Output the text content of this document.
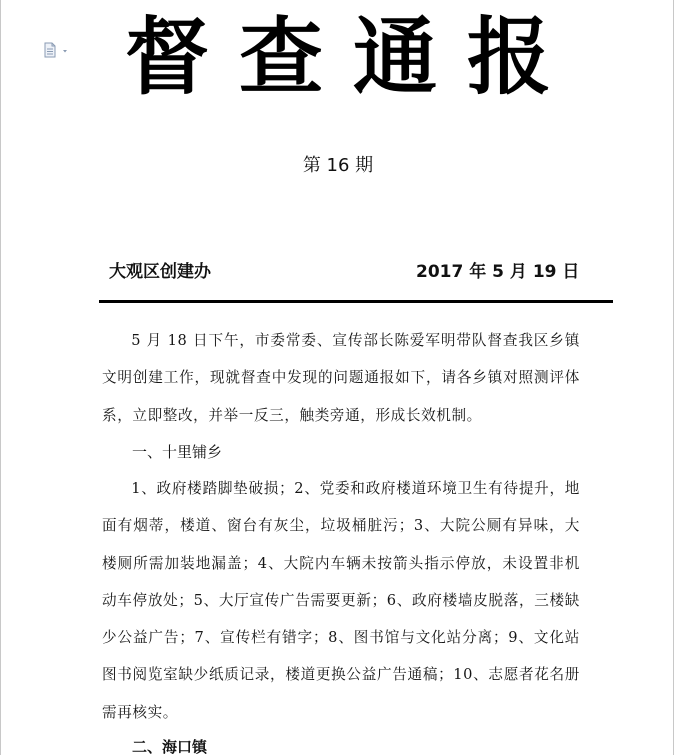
督查通报
第 16 期
大观区创建办	2017 年 5 月 19 日

5 月 18 日下午，市委常委、宣传部长陈爱军明带队督查我区乡镇文明创建工作，现就督查中发现的问题通报如下，请各乡镇对照测评体系，立即整改，并举一反三，触类旁通，形成长效机制。

一、十里铺乡

1、政府楼踏脚垫破损；2、党委和政府楼道环境卫生有待提升，地面有烟蒂，楼道、窗台有灰尘，垃圾桶脏污；3、大院公厕有异味，大楼厕所需加装地漏盖；4、大院内车辆未按箭头指示停放，未设置非机动车停放处；5、大厅宣传广告需要更新；6、政府楼墙皮脱落，三楼缺少公益广告；7、宣传栏有错字；8、图书馆与文化站分离；9、文化站图书阅览室缺少纸质记录，楼道更换公益广告通稿；10、志愿者花名册需再核实。

二、海口镇
